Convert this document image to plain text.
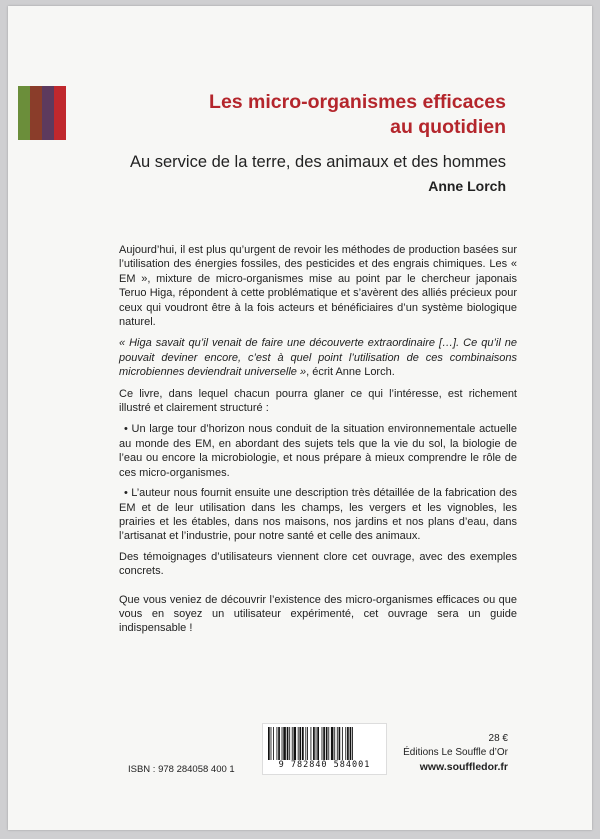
Les micro-organismes efficaces
au quotidien

Au service de la terre, des animaux et des hommes

Anne Lorch

Aujourd’hui, il est plus qu’urgent de revoir les méthodes de production basées sur l’utilisation des énergies fossiles, des pesticides et des engrais chimiques. Les « EM », mixture de micro-organismes mise au point par le chercheur japonais Teruo Higa, répondent à cette problématique et s’avèrent des alliés précieux pour ceux qui voudront être à la fois acteurs et bénéficiaires d’un système biologique naturel.

« Higa savait qu’il venait de faire une découverte extraordinaire […]. Ce qu’il ne pouvait deviner encore, c’est à quel point l’utilisation de ces combinaisons microbiennes deviendrait universelle », écrit Anne Lorch.

Ce livre, dans lequel chacun pourra glaner ce qui l’intéresse, est richement illustré et clairement structuré :

• Un large tour d’horizon nous conduit de la situation environnementale actuelle au monde des EM, en abordant des sujets tels que la vie du sol, la biologie de l’eau ou encore la microbiologie, et nous prépare à mieux comprendre le rôle de ces micro-organismes.
• L’auteur nous fournit ensuite une description très détaillée de la fabrication des EM et de leur utilisation dans les champs, les vergers et les vignobles, les prairies et les étables, dans nos maisons, nos jardins et nos plans d’eau, dans l’artisanat et l’industrie, pour notre santé et celle des animaux.

Des témoignages d’utilisateurs viennent clore cet ouvrage, avec des exemples concrets.

Que vous veniez de découvrir l’existence des micro-organismes efficaces ou que vous en soyez un utilisateur expérimenté, cet ouvrage sera un guide indispensable !

ISBN : 978 284058 400 1	9 782840 584001
28 €
Éditions Le Souffle d’Or
www.souffledor.fr
